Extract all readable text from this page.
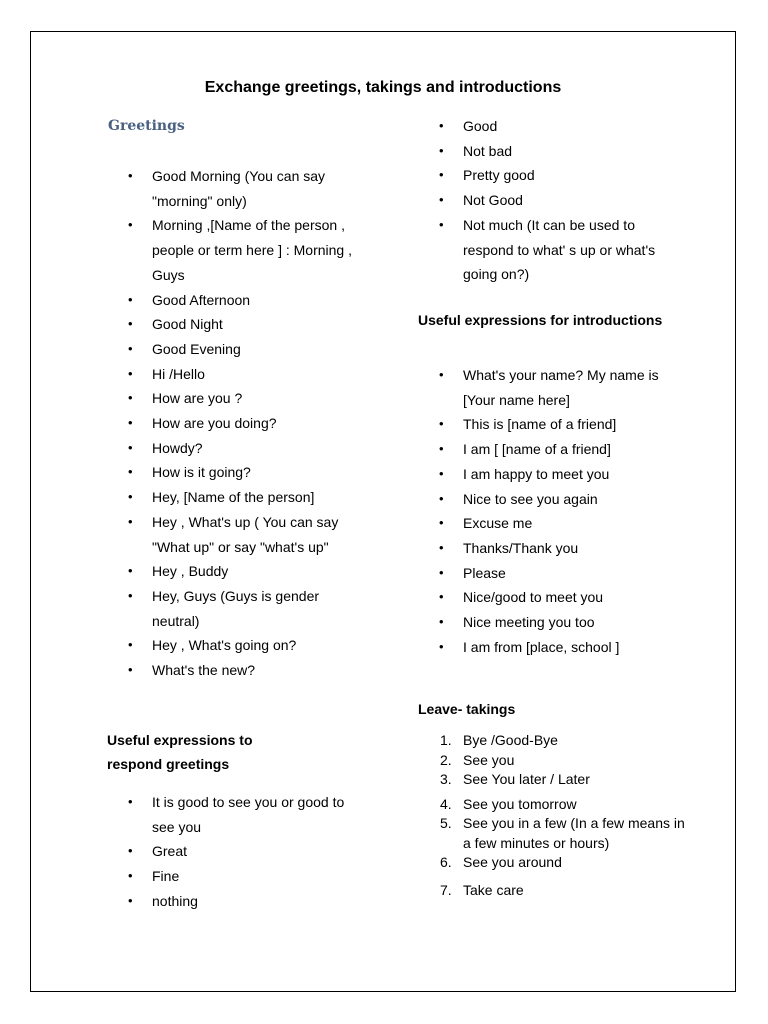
Exchange greetings, takings and introductions
Greetings
• Good Morning (You can say "morning" only)
• Morning ,[Name of the person , people or term here ] : Morning , Guys
• Good Afternoon
• Good Night
• Good Evening
• Hi /Hello
• How are you ?
• How are you doing?
• Howdy?
• How is it going?
• Hey, [Name of the person]
• Hey , What's up ( You can say "What up" or say "what's up"
• Hey , Buddy
• Hey, Guys (Guys is gender neutral)
• Hey , What's going on?
• What's the new?
Useful expressions to
respond greetings
• It is good to see you or good to see you
• Great
• Fine
• nothing
• Good
• Not bad
• Pretty good
• Not Good
• Not much (It can be used to respond to what' s up or what's going on?)
Useful expressions for introductions
• What's your name? My name is [Your name here]
• This is [name of a friend]
• I am [ [name of a friend]
• I am happy to meet you
• Nice to see you again
• Excuse me
• Thanks/Thank you
• Please
• Nice/good to meet you
• Nice meeting you too
• I am from [place, school ]
Leave- takings
1. Bye /Good-Bye
2. See you
3. See You later / Later
4. See you tomorrow
5. See you in a few (In a few means in a few minutes or hours)
6. See you around
7. Take care
